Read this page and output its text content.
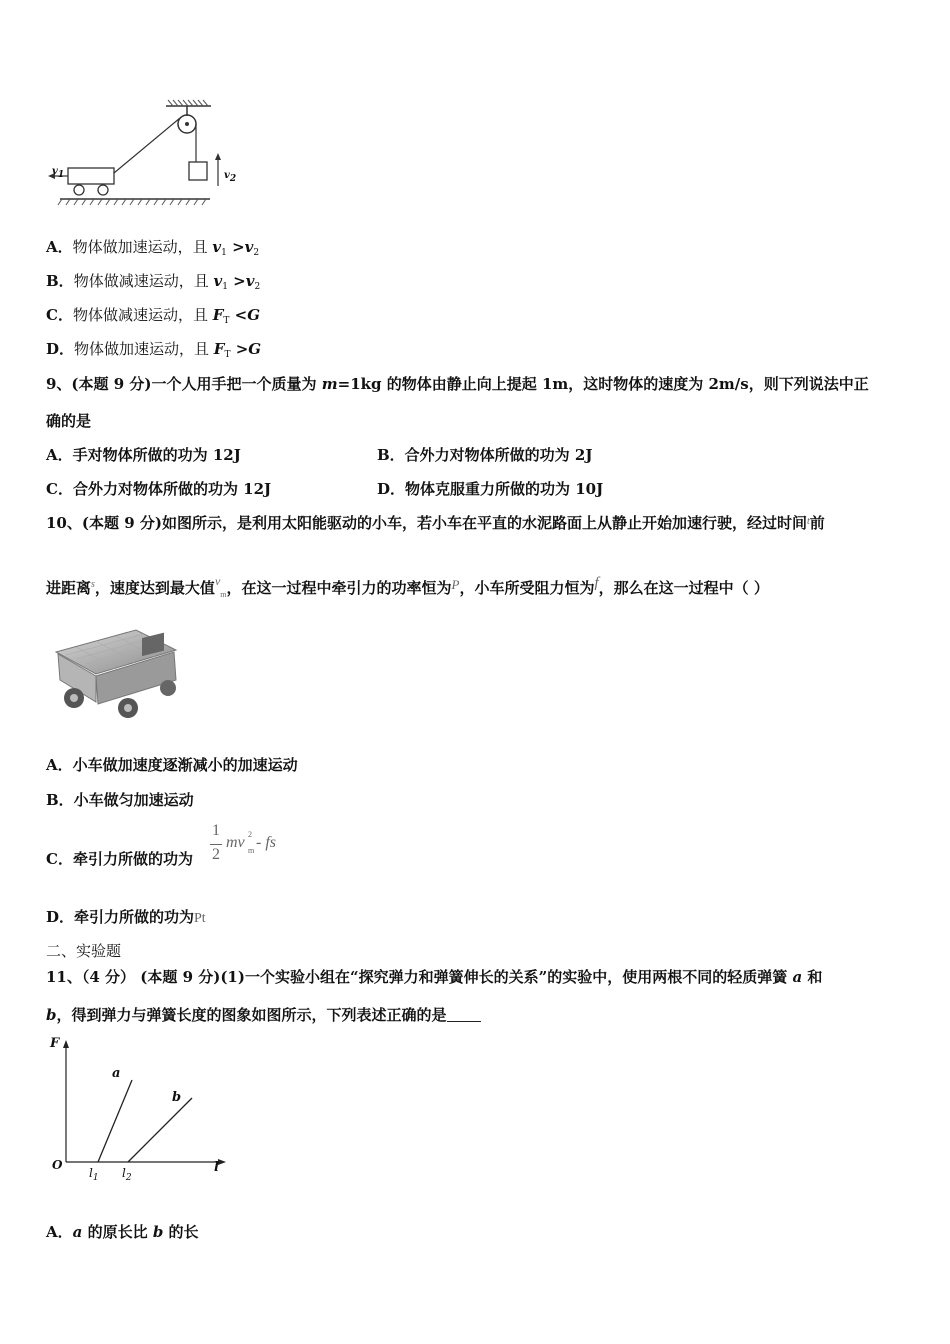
$v_1$	$v_2$
A．物体做加速运动，且 $v_1 >v_2$
B．物体做减速运动，且 $v_1 >v_2$
C．物体做减速运动，且 $F_T <G$
D．物体做加速运动，且 $F_T >G$
9、(本题 9 分)一个人用手把一个质量为 m=1kg 的物体由静止向上提起 1m，这时物体的速度为 2m/s，则下列说法中正
确的是
A．手对物体所做的功为 12J	B．合外力对物体所做的功为 2J
C．合外力对物体所做的功为 12J	D．物体克服重力所做的功为 10J
10、(本题 9 分)如图所示，是利用太阳能驱动的小车，若小车在平直的水泥路面上从静止开始加速行驶，经过时间$^t$前
进距离$^s$，速度达到最大值$^v_m$，在这一过程中牵引力的功率恒为P，小车所受阻力恒为f，那么在这一过程中（ ）
A．小车做加速度逐渐减小的加速运动
B．小车做匀加速运动
C．牵引力所做的功为
1
2
mv 2
m - fs
D．牵引力所做的功为Pt
二、实验题
11、（4 分） (本题 9 分)(1)一个实验小组在“探究弹力和弹簧伸长的关系”的实验中，使用两根不同的轻质弹簧 a 和
b，得到弹力与弹簧长度的图象如图所示，下列表述正确的是
F
l
O
a
b
$l_1$ $l_2$
A．a 的原长比 b 的长
